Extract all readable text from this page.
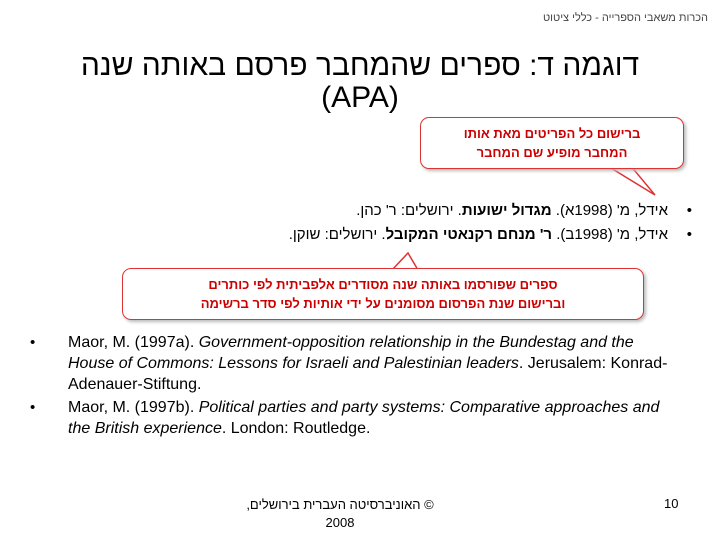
הכרות משאבי הספרייה - כללי ציטוט
דוגמה ד: ספרים שהמחבר פרסם באותה שנה
(APA)
ברישום כל הפריטים מאת אותו
המחבר מופיע שם המחבר
•
אידל, מ' (1998א). מגדול ישועות. ירושלים: ר' כהן.
•
אידל, מ' (1998ב). ר' מנחם רקנאטי המקובל. ירושלים: שוקן.
ספרים שפורסמו באותה שנה מסודרים אלפביתית לפי כותרים
וברישום שנת הפרסום מסומנים על ידי אותיות לפי סדר ברשימה
• Maor, M. (1997a). Government-opposition relationship in the Bundestag and the House of Commons: Lessons for Israeli and Palestinian leaders. Jerusalem: Konrad-Adenauer-Stiftung.
• Maor, M. (1997b). Political parties and party systems: Comparative approaches and the British experience. London: Routledge.
© האוניברסיטה העברית בירושלים,
2008
10
